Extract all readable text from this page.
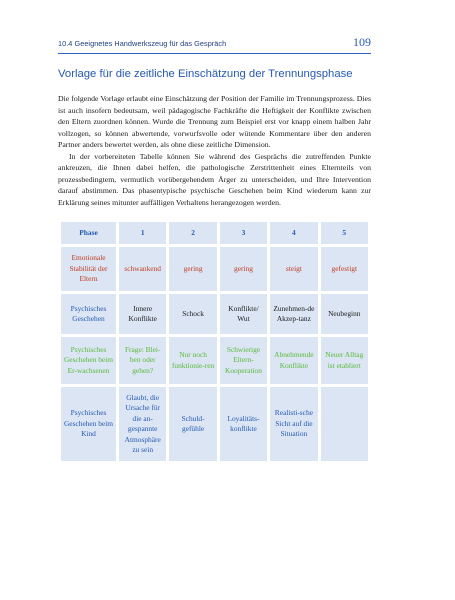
10.4 Geeignetes Handwerkszeug für das Gespräch	109
Vorlage für die zeitliche Einschätzung der Trennungsphase

Die folgende Vorlage erlaubt eine Einschätzung der Position der Familie im Trennungsprozess. Dies ist auch insofern bedeutsam, weil pädagogische Fachkräfte die Heftigkeit der Konflikte zwischen den Eltern zuordnen können. Wurde die Trennung zum Beispiel erst vor knapp einem halben Jahr vollzogen, so können abwertende, vorwurfsvolle oder wütende Kommentare über den anderen Partner anders bewertet werden, als ohne diese zeitliche Dimension.

In der vorbereiteten Tabelle können Sie während des Gesprächs die zutreffenden Punkte ankreuzen, die Ihnen dabei helfen, die pathologische Zerstrittenheit eines Elternteils von prozessbedingtem, vermutlich vorübergehendem Ärger zu unterscheiden, und Ihre Intervention darauf abstimmen. Das phasentypische psychische Geschehen beim Kind wiederum kann zur Erklärung seines mitunter auffälligen Verhaltens herangezogen werden.

Phase	1	2	3	4	5
Emotionale Stabilität der Eltern	schwankend	gering	gering	steigt	gefestigt
Psychisches Geschehen	Innere Konflikte	Schock	Konflikte/ Wut	Zunehmen-de Akzep-tanz	Neubeginn
Psychisches Geschehen beim Er-wachsenen	Frage: Blei-ben oder gehen?	Nur noch funktionie-ren	Schwierige Eltern-Kooperation	Abnehmende Konflikte	Neuer Alltag ist etabliert
Psychisches Geschehen beim Kind	Glaubt, die Ursache für die an-gespannte Atmosphäre zu sein	Schuld-gefühle	Loyalitäts-konflikte	Realisti-sche Sicht auf die Situation	
